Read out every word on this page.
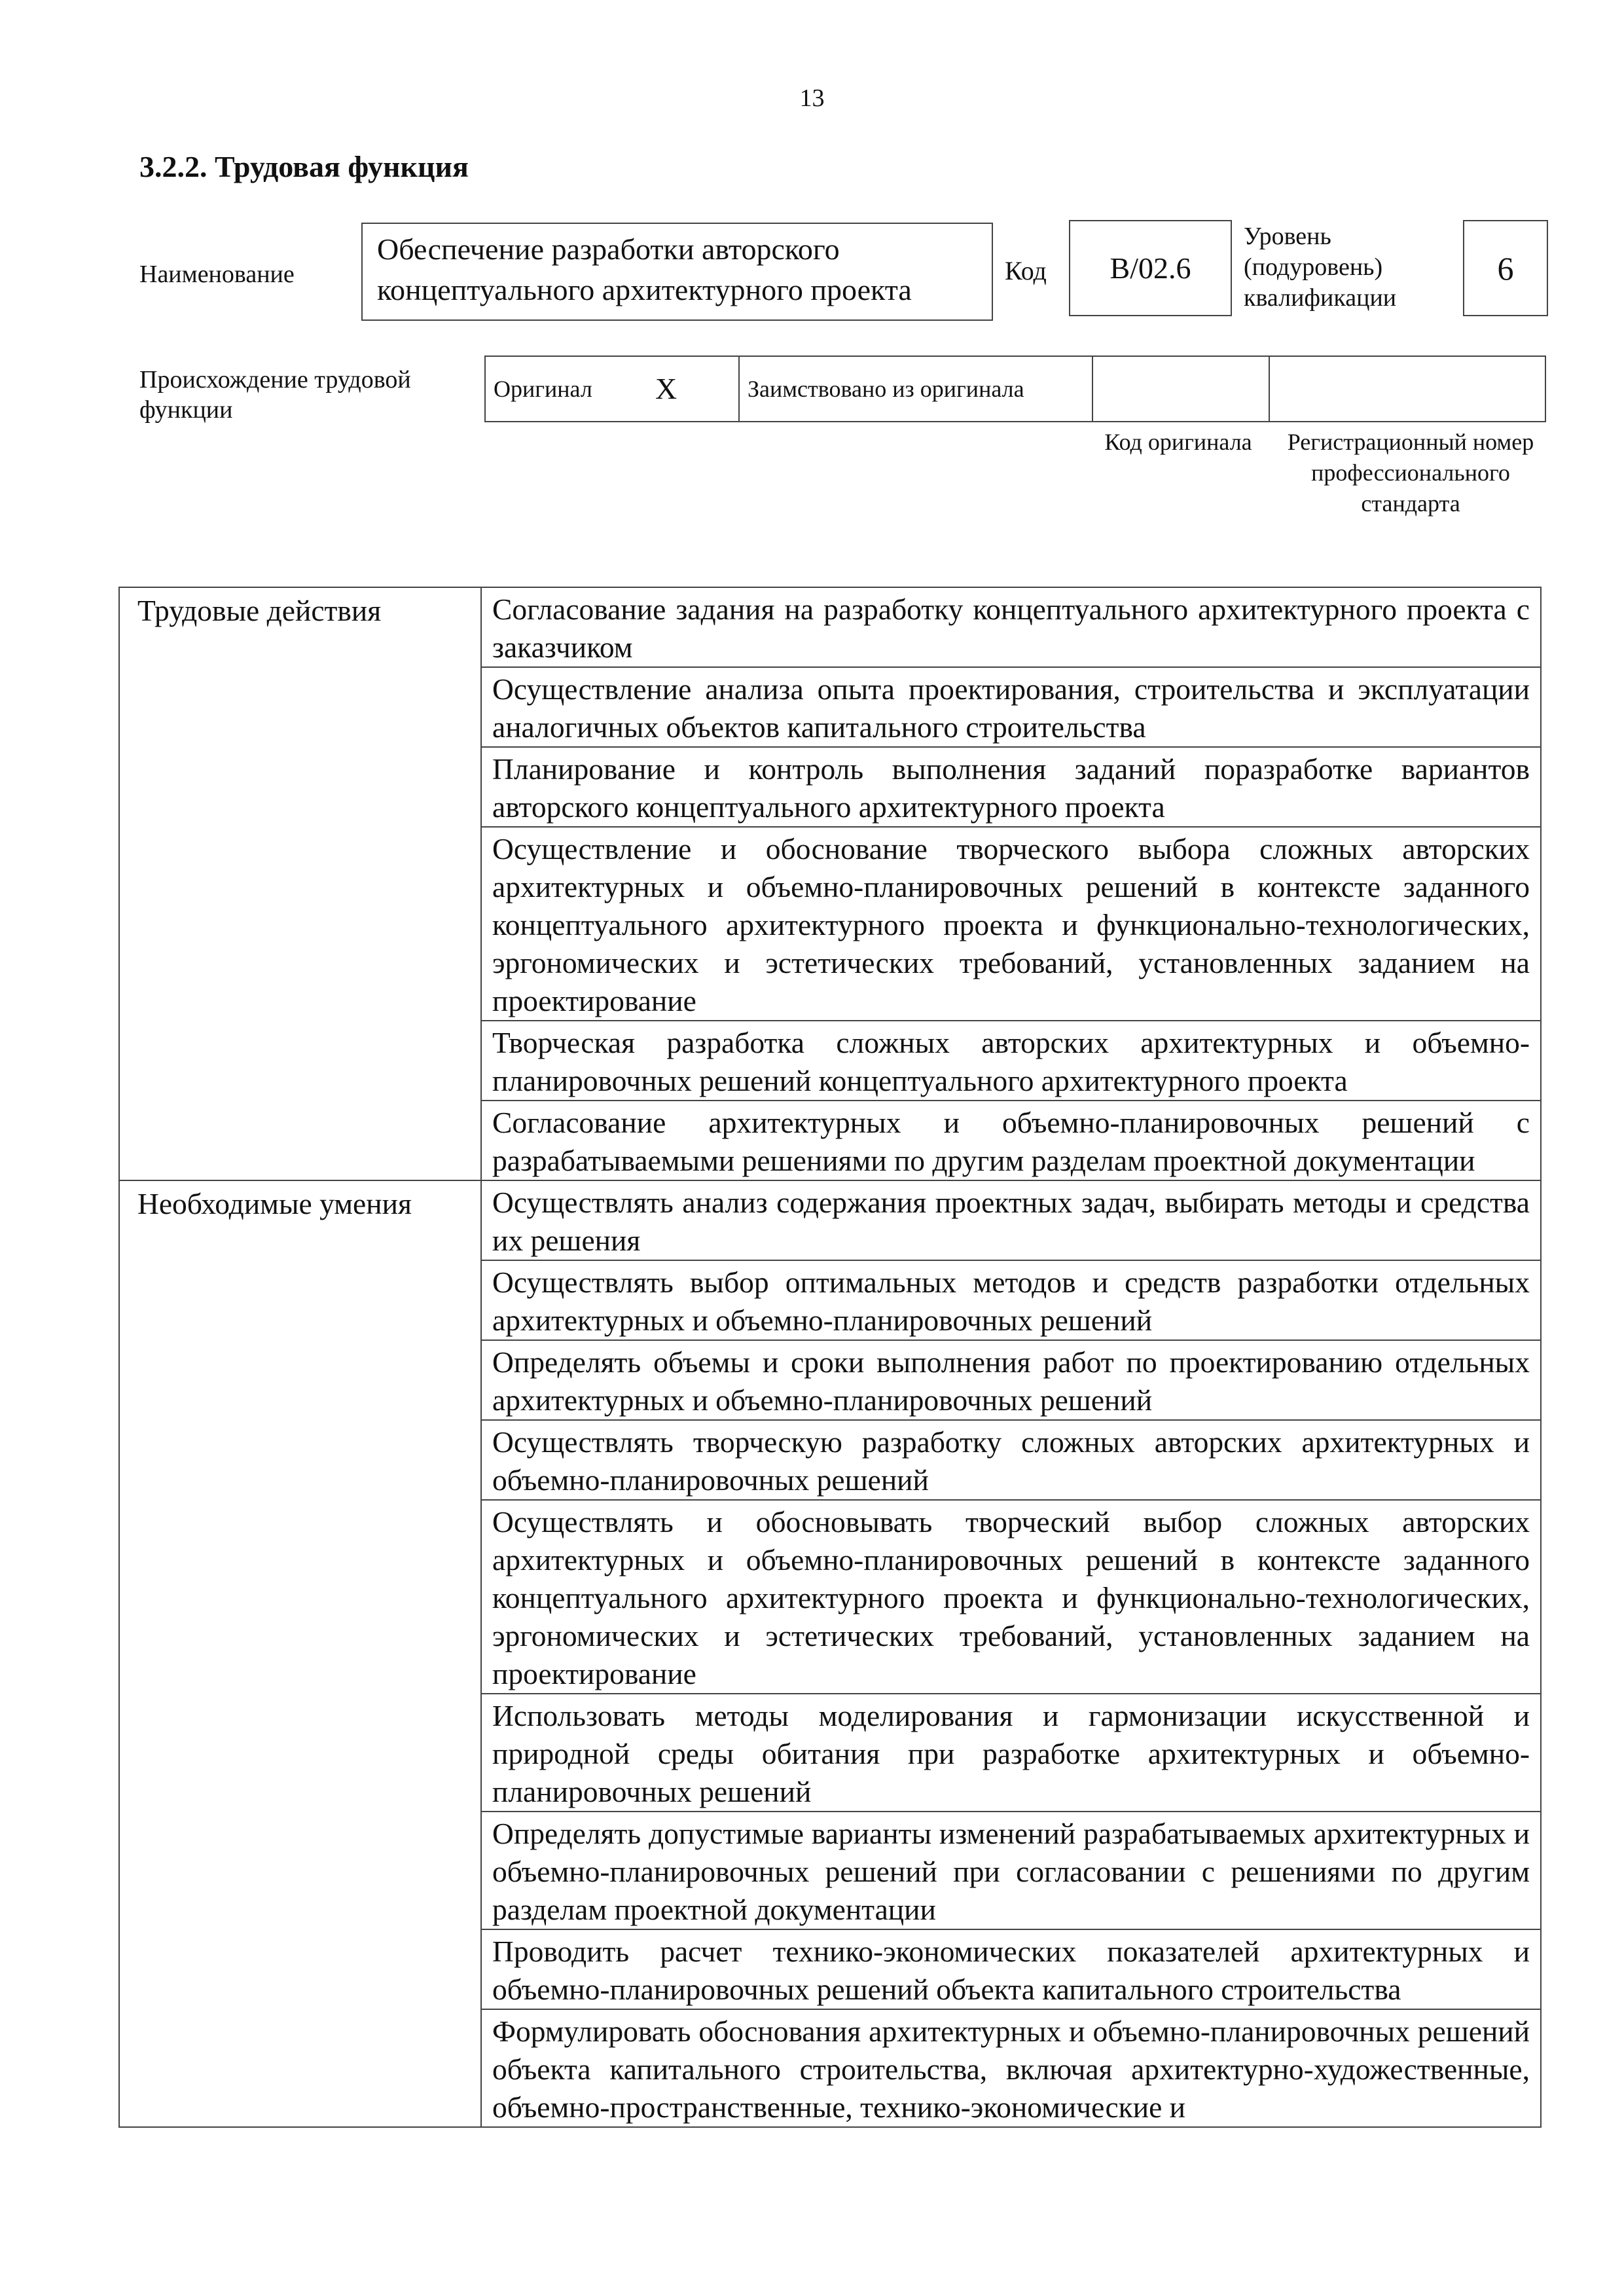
13
3.2.2. Трудовая функция
Наименование
Обеспечение разработки авторского концептуального архитектурного проекта
Код В/02.6
Уровень (подуровень) квалификации
6
Происхождение трудовой функции
Оригинал	X	Заимствовано из оригинала		
Код оригинала	Регистрационный номер профессионального стандарта
Трудовые действия	Согласование задания на разработку концептуального архитектурного проекта с заказчиком
	Осуществление анализа опыта проектирования, строительства и эксплуатации аналогичных объектов капитального строительства
	Планирование и контроль выполнения заданий поразработке вариантов авторского концептуального архитектурного проекта
	Осуществление и обоснование творческого выбора сложных авторских архитектурных и объемно-планировочных решений в контексте заданного концептуального архитектурного проекта и функционально-технологических, эргономических и эстетических требований, установленных заданием на проектирование
	Творческая разработка сложных авторских архитектурных и объемно-планировочных решений концептуального архитектурного проекта
	Согласование архитектурных и объемно-планировочных решений с разрабатываемыми решениями по другим разделам проектной документации
Необходимые умения	Осуществлять анализ содержания проектных задач, выбирать методы и средства их решения
	Осуществлять выбор оптимальных методов и средств разработки отдельных архитектурных и объемно-планировочных решений
	Определять объемы и сроки выполнения работ по проектированию отдельных архитектурных и объемно-планировочных решений
	Осуществлять творческую разработку сложных авторских архитектурных и объемно-планировочных решений
	Осуществлять и обосновывать творческий выбор сложных авторских архитектурных и объемно-планировочных решений в контексте заданного концептуального архитектурного проекта и функционально-технологических, эргономических и эстетических требований, установленных заданием на проектирование
	Использовать методы моделирования и гармонизации искусственной и природной среды обитания при разработке архитектурных и объемно-планировочных решений
	Определять допустимые варианты изменений разрабатываемых архитектурных и объемно-планировочных решений при согласовании с решениями по другим разделам проектной документации
	Проводить расчет технико-экономических показателей архитектурных и объемно-планировочных решений объекта капитального строительства
	Формулировать обоснования архитектурных и объемно-планировочных решений объекта капитального строительства, включая архитектурно-художественные, объемно-пространственные, технико-экономические и
